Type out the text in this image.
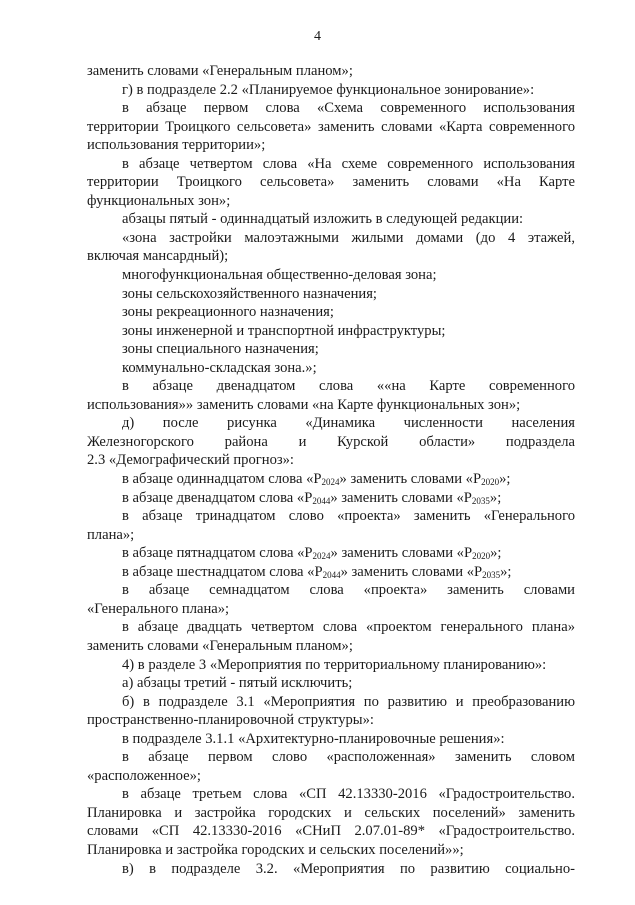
4
заменить словами «Генеральным планом»;
г) в подразделе 2.2 «Планируемое функциональное зонирование»:
в абзаце первом слова «Схема современного использования
территории Троицкого сельсовета» заменить словами «Карта современного
использования территории»;
в абзаце четвертом слова «На схеме современного использования
территории Троицкого сельсовета» заменить словами «На Карте
функциональных зон»;
абзацы пятый - одиннадцатый изложить в следующей редакции:
«зона застройки малоэтажными жилыми домами (до 4 этажей,
включая мансардный);
многофункциональная общественно-деловая зона;
зоны сельскохозяйственного назначения;
зоны рекреационного назначения;
зоны инженерной и транспортной инфраструктуры;
зоны специального назначения;
коммунально-складская зона.»;
в абзаце двенадцатом слова ««на Карте современного
использования»» заменить словами «на Карте функциональных зон»;
д) после рисунка «Динамика численности населения
Железногорского района и Курской области» подраздела
2.3 «Демографический прогноз»:
в абзаце одиннадцатом слова «$Р_{2024}$» заменить словами «$Р_{2020}$»;
в абзаце двенадцатом слова «$Р_{2044}$» заменить словами «$Р_{2035}$»;
в абзаце тринадцатом слово «проекта» заменить «Генерального
плана»;
в абзаце пятнадцатом слова «$Р_{2024}$» заменить словами «$Р_{2020}$»;
в абзаце шестнадцатом слова «$Р_{2044}$» заменить словами «$Р_{2035}$»;
в абзаце семнадцатом слова «проекта» заменить словами
«Генерального плана»;
в абзаце двадцать четвертом слова «проектом генерального плана»
заменить словами «Генеральным планом»;
4) в разделе 3 «Мероприятия по территориальному планированию»:
а) абзацы третий - пятый исключить;
б) в подразделе 3.1 «Мероприятия по развитию и преобразованию
пространственно-планировочной структуры»:
в подразделе 3.1.1 «Архитектурно-планировочные решения»:
в абзаце первом слово «расположенная» заменить словом
«расположенное»;
в абзаце третьем слова «СП 42.13330-2016 «Градостроительство.
Планировка и застройка городских и сельских поселений» заменить
словами «СП 42.13330-2016 «СНиП 2.07.01-89* «Градостроительство.
Планировка и застройка городских и сельских поселений»»;
в) в подразделе 3.2. «Мероприятия по развитию социально-
